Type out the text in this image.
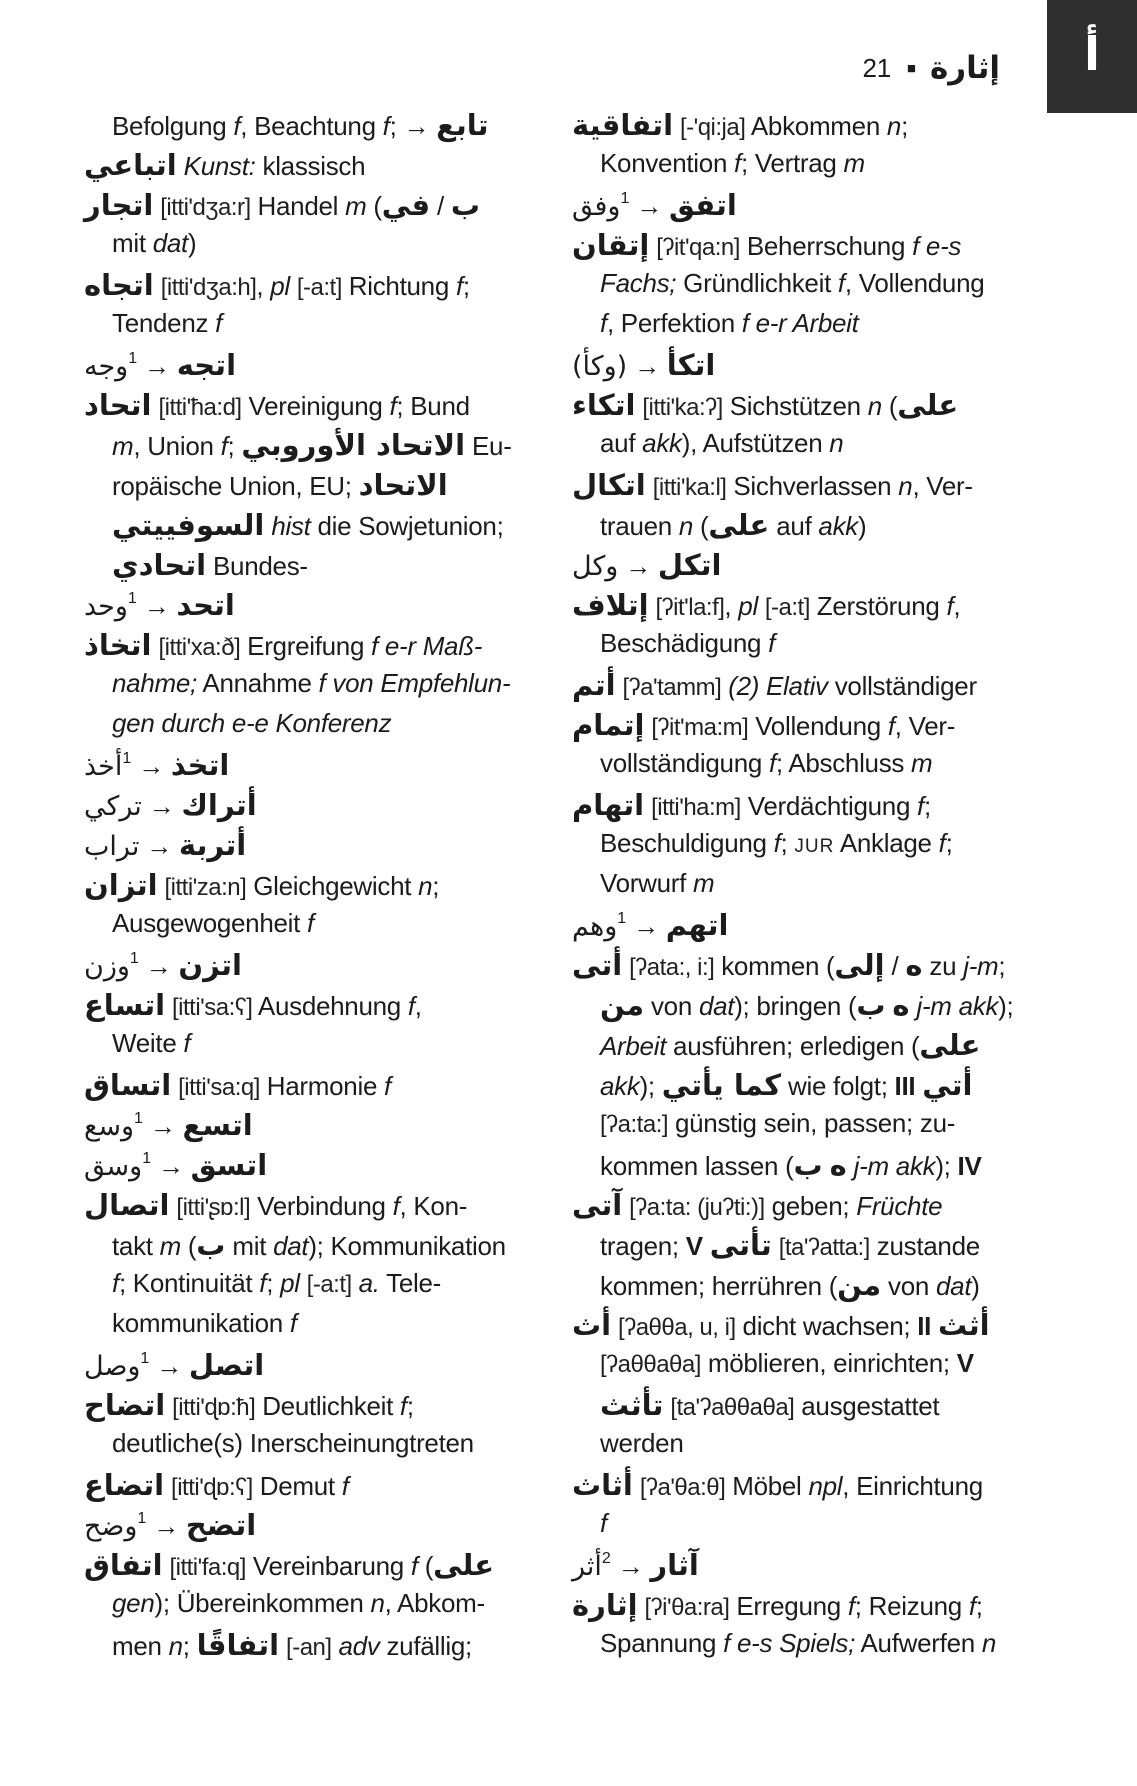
21 ■ إثارة أ
Befolgung f , Beachtung f ; → تابع
اتباعي
Kunst: klassisch
اتجار
[itti'dʒa:r] Handel m ( في / ب
mit dat )
اتجاه
[itti'dʒa:h] , pl
[-a:t] Richtung f ;
Tendenz f
وجه 1 → اتجه
اتحاد
[itti'ħa:d] Vereinigung f ; Bund
m , Union f ; الاتحاد الأوروبي Eu-
ropäische Union, EU; الاتحاد
السوفييتي
hist die Sowjetunion;
اتحادي Bundes-
وحد 1 → اتحد
اتخاذ
[itti'xa:ð] Ergreifung f e-r Maß-
nahme; Annahme f von Empfehlun-
gen durch e-e Konferenz
أخذ 1 → اتخذ
تركي → أتراك
تراب → أتربة
اتزان
[itti'za:n] Gleichgewicht n ;
Ausgewogenheit f
وزن 1 → اتزن
اتساع
[itti'sa:ʕ] Ausdehnung f ,
Weite f
اتساق
[itti'sa:q] Harmonie f
وسع 1 → اتسع
وسق 1 → اتسق
اتصال
[itti'ʂɒ:l] Verbindung f , Kon-
takt m ( ب mit dat ); Kommunikation
f ; Kontinuität f ; pl
[-a:t]
a. Tele-
kommunikation f
وصل 1 → اتصل
اتضاح
[itti'ɖɒ:ħ] Deutlichkeit f ;
deutliche(s) Inerscheinungtreten
اتضاع
[itti'ɖɒ:ʕ] Demut f
وضح 1 → اتضح
اتفاق
[itti'fa:q] Vereinbarung f ( على
gen ); Übereinkommen n , Abkom-
men n ; اتفاقًا
[-an]
adv zufällig;
اتفاقية
[-'qi:ja] Abkommen n ;
Konvention f ; Vertrag m
وفق 1 → اتفق
إتقان
[ʔit'qa:n] Beherrschung f e-s
Fachs; Gründlichkeit f , Vollendung
f , Perfektion f e-r Arbeit
(وكأ) → اتكأ
اتكاء
[itti'ka:ʔ] Sichstützen n ( على
auf akk ), Aufstützen n
اتكال
[itti'ka:l] Sichverlassen n , Ver-
trauen n ( على auf akk )
وكل → اتكل
إتلاف
[ʔit'la:f] , pl
[-a:t] Zerstörung f ,
Beschädigung f
أتم
[ʔa'tamm]
(2) Elativ vollständiger
إتمام
[ʔit'ma:m] Vollendung f , Ver-
vollständigung f ; Abschluss m
اتهام
[itti'ha:m] Verdächtigung f ;
Beschuldigung f ; JUR Anklage f ;
Vorwurf m
وهم 1 → اتهم
أتى
[ʔata:, i:] kommen ( إلى / ه zu j-m ;
من von dat ); bringen ( ب
ه
j-m akk );
Arbeit ausführen; erledigen ( على
akk ); كما يأتي wie folgt; III
أتي
[ʔa:ta:] günstig sein, passen; zu-
kommen lassen ( ب
ه
j-m akk ); IV
آتى
[ʔa:ta: (juʔti:)] geben; Früchte
tragen; V
تأتى
[ta'ʔatta:] zustande
kommen; herrühren ( من von dat )
أث
[ʔaθθa, u, i] dicht wachsen; II
أثث
[ʔaθθaθa] möblieren, einrichten; V
تأثث
[ta'ʔaθθaθa] ausgestattet
werden
أثاث
[ʔa'θa:θ] Möbel npl , Einrichtung
f
أثر 2 → آثار
إثارة
[ʔi'θa:ra] Erregung f ; Reizung f ;
Spannung f e-s Spiels; Aufwerfen n
